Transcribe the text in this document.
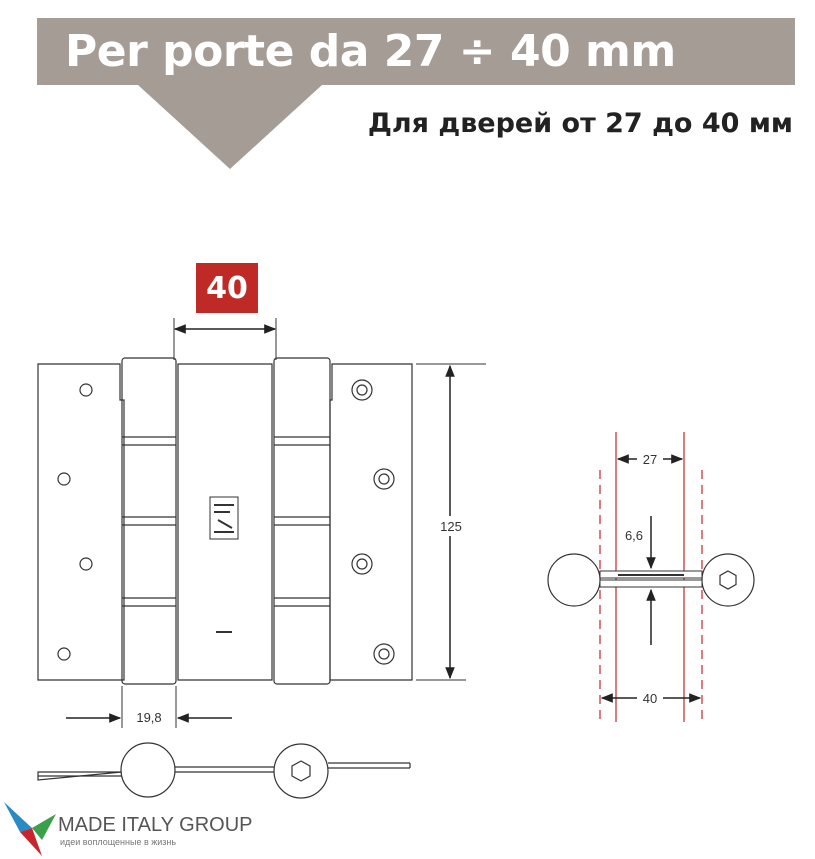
Per porte da 27 ÷ 40 mm
Для дверей от 27 до 40 мм
40
125
19,8
27
40
6,6
MADE ITALY GROUP
идеи воплощенные в жизнь
